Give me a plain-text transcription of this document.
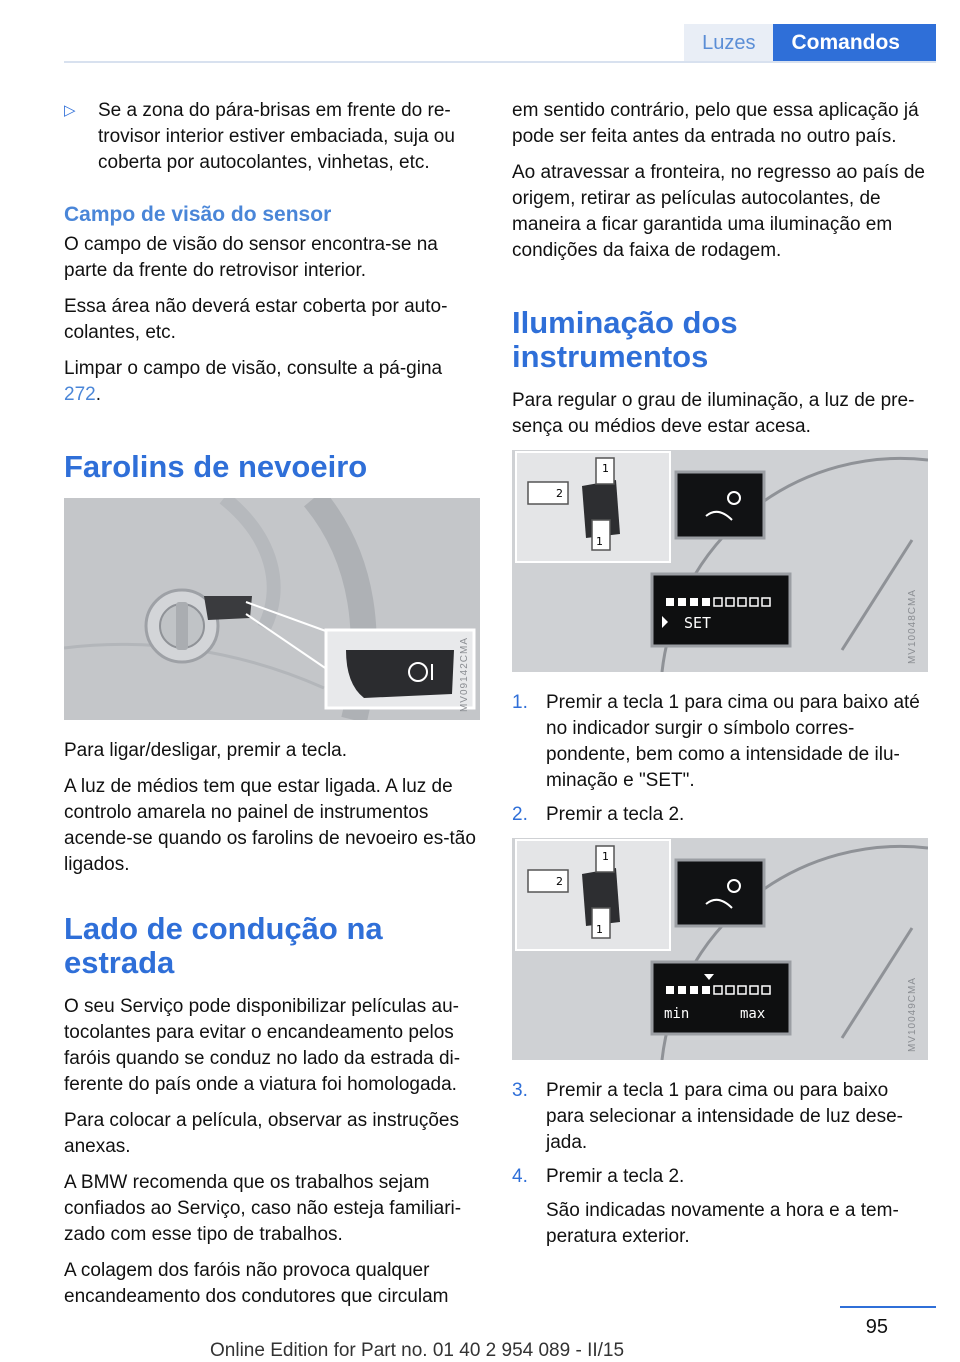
Luzes	Comandos
▷	Se a zona do pára-brisas em frente do re-trovisor interior estiver embaciada, suja ou coberta por autocolantes, vinhetas, etc.
Campo de visão do sensor

O campo de visão do sensor encontra-se na parte da frente do retrovisor interior.

Essa área não deverá estar coberta por auto-colantes, etc.

Limpar o campo de visão, consulte a pá-gina 272.

Farolins de nevoeiro
MV09142CMA

Para ligar/desligar, premir a tecla.

A luz de médios tem que estar ligada. A luz de controlo amarela no painel de instrumentos acende-se quando os farolins de nevoeiro es-tão ligados.

Lado de condução na estrada

O seu Serviço pode disponibilizar películas au-tocolantes para evitar o encandeamento pelos faróis quando se conduz no lado da estrada di-ferente do país onde a viatura foi homologada.

Para colocar a película, observar as instruções anexas.

A BMW recomenda que os trabalhos sejam confiados ao Serviço, caso não esteja familiari-zado com esse tipo de trabalhos.

A colagem dos faróis não provoca qualquer encandeamento dos condutores que circulam

em sentido contrário, pelo que essa aplicação já pode ser feita antes da entrada no outro país.

Ao atravessar a fronteira, no regresso ao país de origem, retirar as películas autocolantes, de maneira a ficar garantida uma iluminação em condições da faixa de rodagem.

Iluminação dos instrumentos

Para regular o grau de iluminação, a luz de pre-sença ou médios deve estar acesa.

SET
1
1
2
MV10048CMA
1. Premir a tecla 1 para cima ou para baixo até no indicador surgir o símbolo corres-pondente, bem como a intensidade de ilu-minação e "SET".
2. Premir a tecla 2.
min	max
1
1
2
MV10049CMA
3. Premir a tecla 1 para cima ou para baixo para selecionar a intensidade de luz dese-jada.
4. Premir a tecla 2.
São indicadas novamente a hora e a tem-peratura exterior.
95
Online Edition for Part no. 01 40 2 954 089 - II/15
